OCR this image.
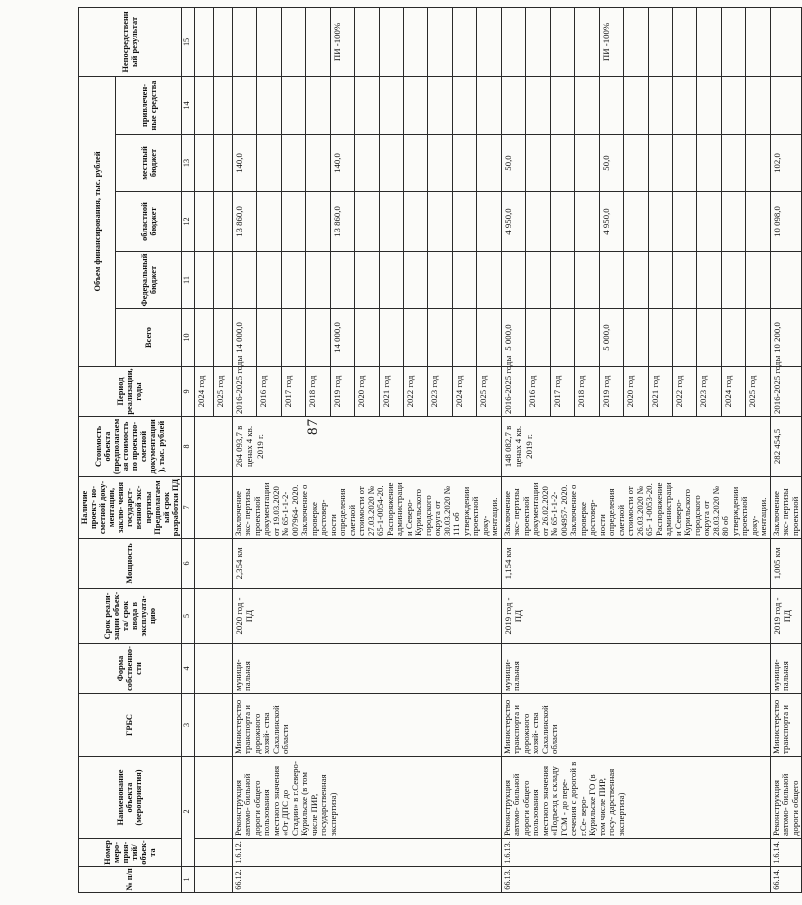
87
№ п/п	Номер меро- прия- тий/ объек- та	Наименование объекта (мероприятия)	ГРБС	Форма собственно- сти	Срок реали- зации объек- та/ срок ввода в эксплуата- цию	Мощность	Наличие проект- но-сметной доку- ментации, заклю- чения государст- венной экс- пертизы Предполагаемый срок разработки ПД	Стоимость объекта (предполагаемая стоимость по проектно- сметной документации), тыс. рублей	Период реализации, годы	Объем финансирования, тыс. рублей					Непосредственный результат
										Всего	Федеральный бюджет	областной бюджет	местный бюджет	привлечен- ные средства	
1	2		3	4	5	6	7	8	9	10	11	12	13	14	15
									2024 год						
									2025 год						
66.12.	1.6.12.	Реконструкция автомо- бильной дороги общего пользования местного значения «От ДПС до Стадии» в г.Северо- Курильске (в том числе ПИР, государственная экспертиза)	Министерство транспорта и дорожного хозяй- ства Сахалинской области	муници- пальная	2020 год - ПД	2,354 км	Заключение экс- пертизы проектной документации от 19.03.2020 № 65-1-1-2-007964- 2020. Заключение о проверке достовер- ности определения сметной стоимости от 27.03.2020 № 65-1-0054-20. Распоряжение администрации Северо- Курильского городского округа от 30.03.2020 № 111 об утверждении проектной доку- ментации.	264 093,7 в ценах 4 кв. 2019 г.	2016-2025 годы	14 000,0		13 860,0	140,0		
									2016 год						
									2017 год						
									2018 год						
									2019 год	14 000,0		13 860,0	140,0		ПИ -100%
									2020 год						
									2021 год						
									2022 год						
									2023 год						
									2024 год						
									2025 год						
66.13.	1.6.13.	Реконструкция автомо- бильной дороги общего пользования местного значения «Подъезд к складу ГСМ - до пере- сечения с дорогой в г.Се- веро-Курильске ГО (в том числе ПИР, госу- дарственная экспертиза)	Министерство транспорта и дорожного хозяй- ства Сахалинской области	муници- пальная	2019 год - ПД	1,154 км	Заключение экс- пертизы проектной документации от 26.02.2020 № 65-1-1-2-004957- 2020. Заключение о проверке достовер- ности определения сметной стоимости от 26.03.2020 № 65- 1-0053-20. Распоряжение администрации Северо- Курильского городского округа от 28.03.2020 № 80 об утверждении проектной доку- ментации.	148 082,7 в ценах 4 кв. 2019 г.	2016-2025 годы	5 000,0		4 950,0	50,0		
									2016 год						
									2017 год						
									2018 год						
									2019 год	5 000,0		4 950,0	50,0		ПИ -100%
									2020 год						
									2021 год						
									2022 год						
									2023 год						
									2024 год						
									2025 год						
66.14.	1.6.14.	Реконструкция автомо- бильной дороги общего	Министерство транспорта и	муници- пальная	2019 год - ПД	1,005 км	Заключение экс- пертизы проектной	282 454,5	2016-2025 годы	10 200,0		10 098,0	102,0		
